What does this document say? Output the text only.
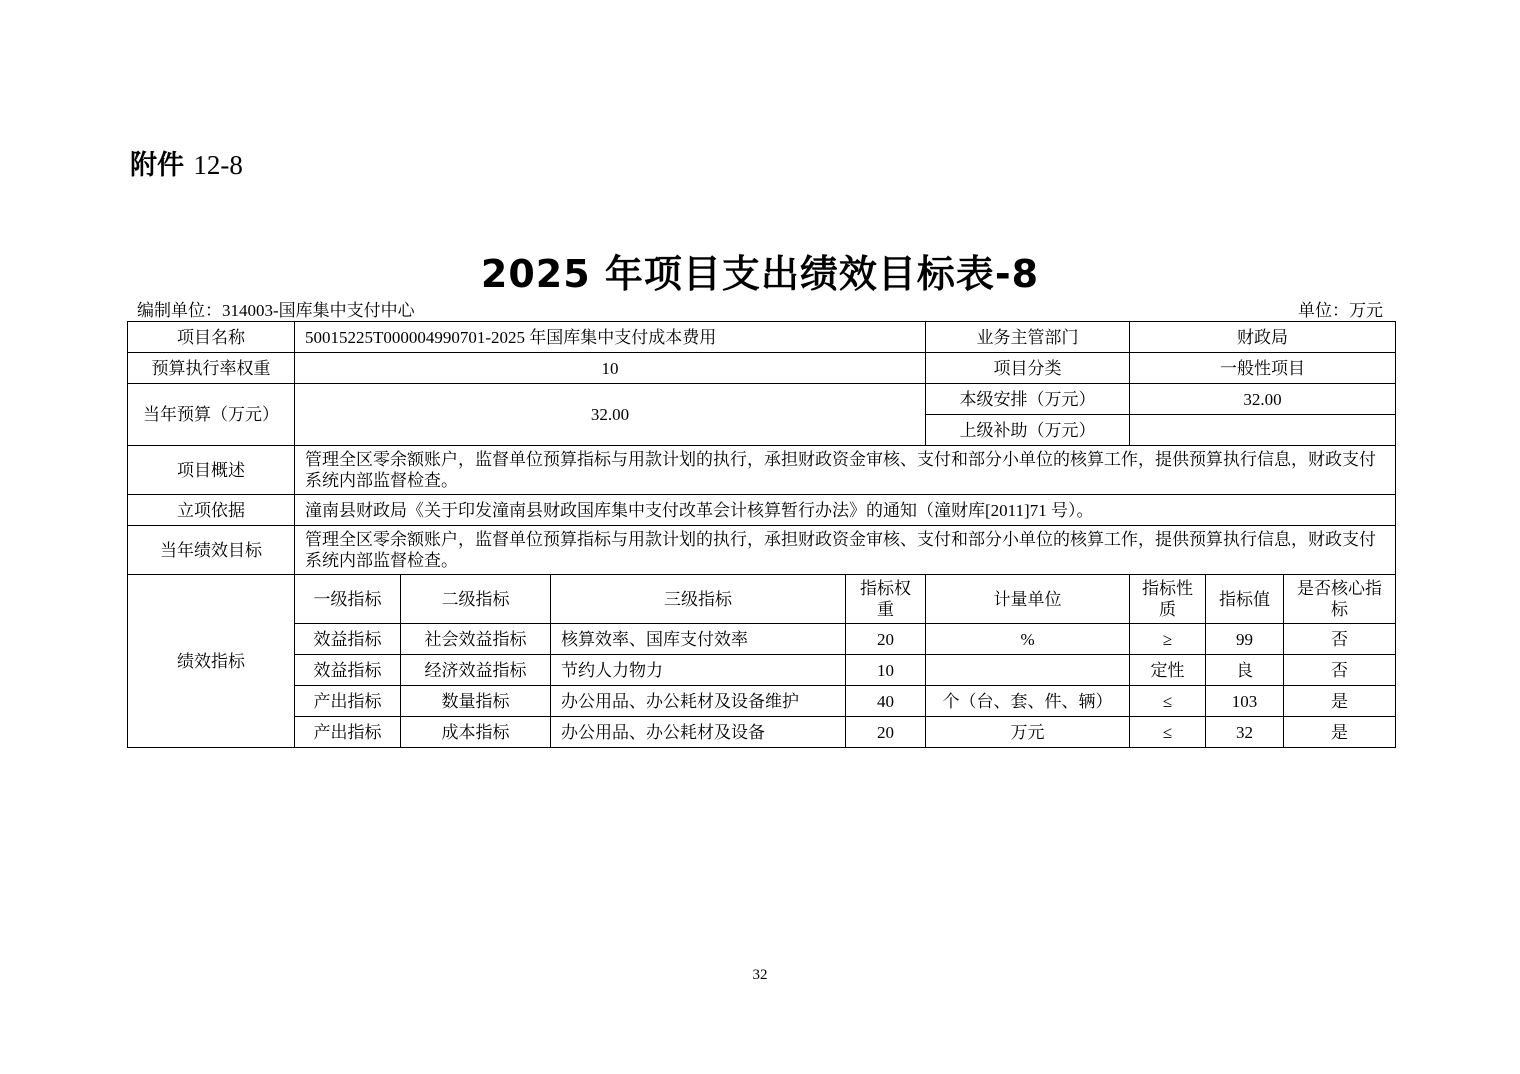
附件 12-8
2025 年项目支出绩效目标表-8
编制单位：314003-国库集中支付中心	单位：万元
项目名称	50015225T000004990701-2025 年国库集中支付成本费用				业务主管部门	财政局		
预算执行率权重	10				项目分类	一般性项目		
当年预算（万元）	32.00				本级安排（万元）	32.00		
					上级补助（万元）			
项目概述	管理全区零余额账户，监督单位预算指标与用款计划的执行，承担财政资金审核、支付和部分小单位的核算工作，提供预算执行信息，财政支付系统内部监督检查。							
立项依据	潼南县财政局《关于印发潼南县财政国库集中支付改革会计核算暂行办法》的通知（潼财库[2011]71 号）。							
当年绩效目标	管理全区零余额账户，监督单位预算指标与用款计划的执行，承担财政资金审核、支付和部分小单位的核算工作，提供预算执行信息，财政支付系统内部监督检查。							
绩效指标	一级指标	二级指标	三级指标	指标权重	计量单位	指标性质	指标值	是否核心指标
	效益指标	社会效益指标	核算效率、国库支付效率	20	%	≥	99	否
	效益指标	经济效益指标	节约人力物力	10		定性	良	否
	产出指标	数量指标	办公用品、办公耗材及设备维护	40	个（台、套、件、辆）	≤	103	是
	产出指标	成本指标	办公用品、办公耗材及设备	20	万元	≤	32	是
32
